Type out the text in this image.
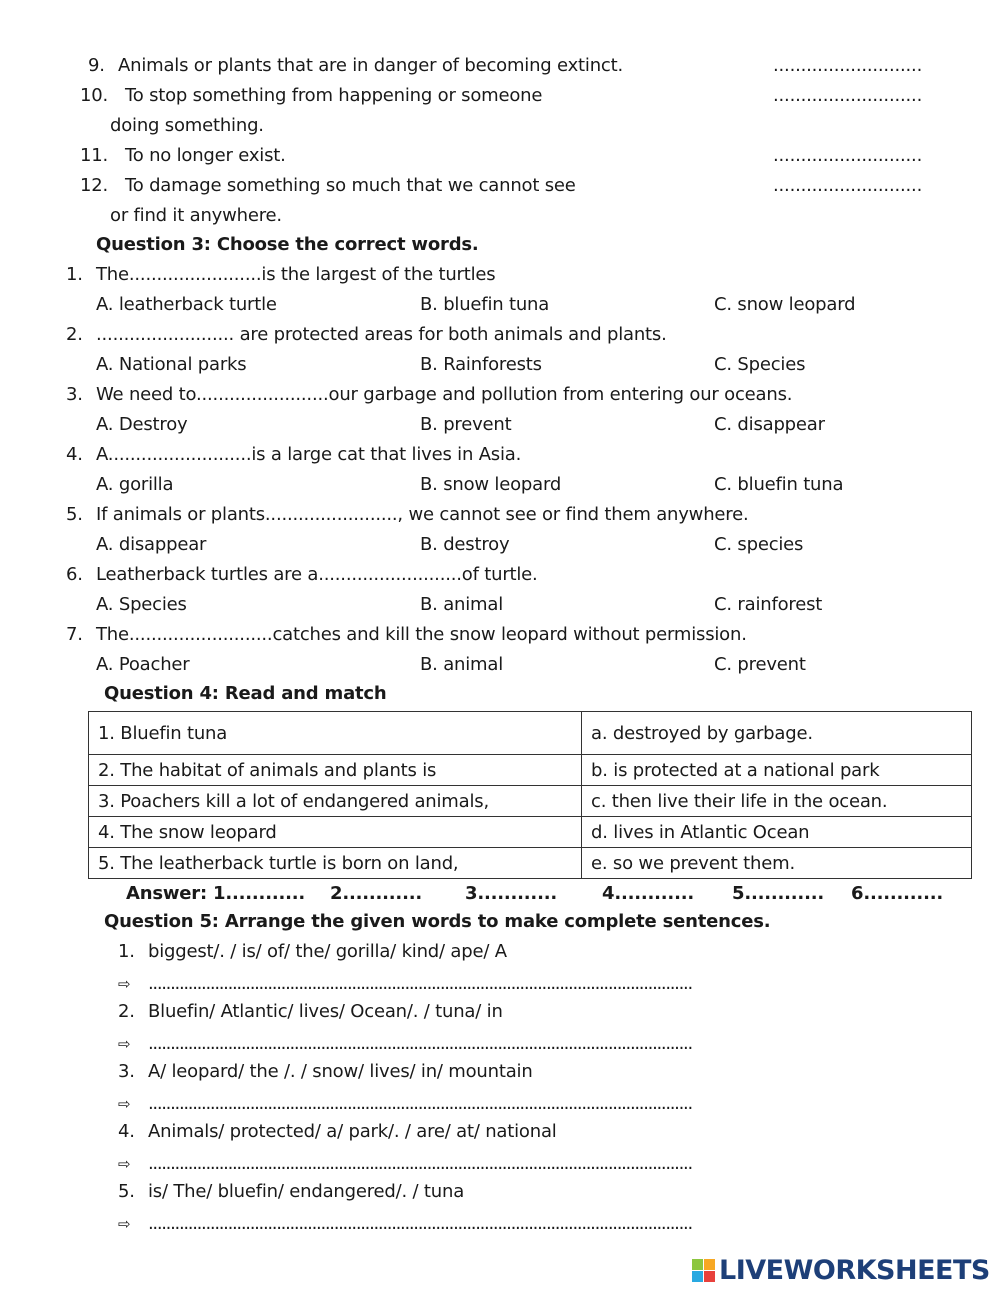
9. Animals or plants that are in danger of becoming extinct.	...........................
10. To stop something from happening or someone
doing something.
...........................
11. To no longer exist.	...........................
12. To damage something so much that we cannot see
or find it anywhere.
...........................
Question 3: Choose the correct words.
1. The........................is the largest of the turtles
A. leatherback turtle	B. bluefin tuna	C. snow leopard
2. ......................... are protected areas for both animals and plants.
A. National parks	B. Rainforests	C. Species
3. We need to........................our garbage and pollution from entering our oceans.
A. Destroy	B. prevent	C. disappear
4. A..........................is a large cat that lives in Asia.
A. gorilla	B. snow leopard	C. bluefin tuna
5. If animals or plants........................, we cannot see or find them anywhere.
A. disappear	B. destroy	C. species
6. Leatherback turtles are a..........................of turtle.
A. Species	B. animal	C. rainforest
7. The..........................catches and kill the snow leopard without permission.
A. Poacher	B. animal	C. prevent
Question 4: Read and match
Answer: 1............ 2............ 3............	4............ 5............ 6............
Question 5: Arrange the given words to make complete sentences.
1. biggest/. / is/ of/ the/ gorilla/ kind/ ape/ A
⇨ ...........................................................................................................................
2. Bluefin/ Atlantic/ lives/ Ocean/. / tuna/ in
⇨ ...........................................................................................................................
3. A/ leopard/ the /. / snow/ lives/ in/ mountain
⇨ ...........................................................................................................................
4. Animals/ protected/ a/ park/. / are/ at/ national
⇨ ...........................................................................................................................
5. is/ The/ bluefin/ endangered/. / tuna
⇨ ...........................................................................................................................
1. Bluefin tuna	a. destroyed by garbage.
2. The habitat of animals and plants is	b. is protected at a national park
3. Poachers kill a lot of endangered animals,	c. then live their life in the ocean.
4. The snow leopard	d. lives in Atlantic Ocean
5. The leatherback turtle is born on land,	e. so we prevent them.
LIVEWORKSHEETS
